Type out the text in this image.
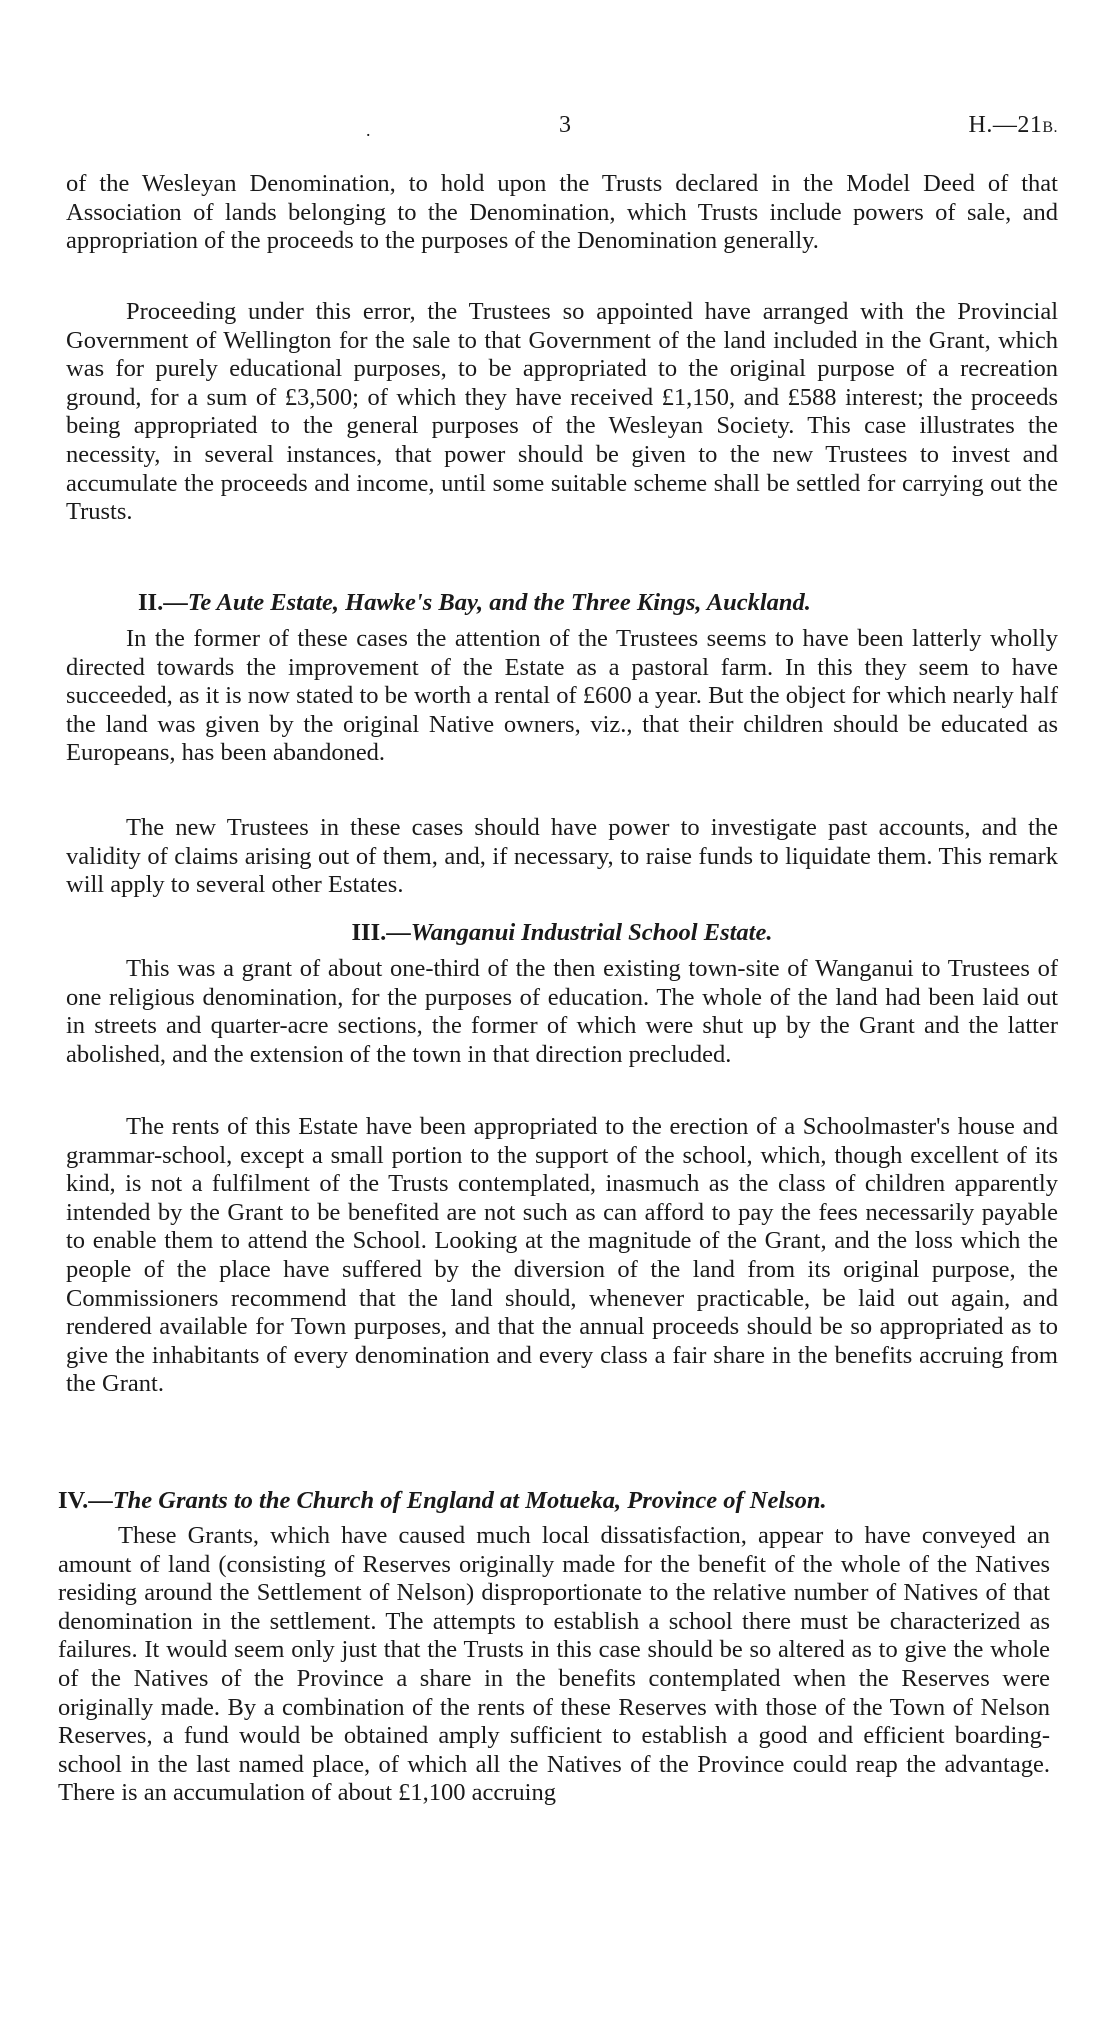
.	3	H.—21B.

of the Wesleyan Denomination, to hold upon the Trusts declared in the Model Deed of that Association of lands belonging to the Denomination, which Trusts include powers of sale, and appropriation of the proceeds to the purposes of the Denomination generally.

Proceeding under this error, the Trustees so appointed have arranged with the Provincial Government of Wellington for the sale to that Government of the land included in the Grant, which was for purely educational purposes, to be appropriated to the original purpose of a recreation ground, for a sum of £3,500; of which they have received £1,150, and £588 interest; the proceeds being appropriated to the general purposes of the Wesleyan Society. This case illustrates the necessity, in several instances, that power should be given to the new Trustees to invest and accumulate the proceeds and income, until some suitable scheme shall be settled for carrying out the Trusts.

II.—Te Aute Estate, Hawke's Bay, and the Three Kings, Auckland.

In the former of these cases the attention of the Trustees seems to have been latterly wholly directed towards the improvement of the Estate as a pastoral farm. In this they seem to have succeeded, as it is now stated to be worth a rental of £600 a year. But the object for which nearly half the land was given by the original Native owners, viz., that their children should be educated as Europeans, has been abandoned.

The new Trustees in these cases should have power to investigate past accounts, and the validity of claims arising out of them, and, if necessary, to raise funds to liquidate them. This remark will apply to several other Estates.

III.—Wanganui Industrial School Estate.

This was a grant of about one-third of the then existing town-site of Wanganui to Trustees of one religious denomination, for the purposes of education. The whole of the land had been laid out in streets and quarter-acre sections, the former of which were shut up by the Grant and the latter abolished, and the extension of the town in that direction precluded.

The rents of this Estate have been appropriated to the erection of a Schoolmaster's house and grammar-school, except a small portion to the support of the school, which, though excellent of its kind, is not a fulfilment of the Trusts contemplated, inasmuch as the class of children apparently intended by the Grant to be benefited are not such as can afford to pay the fees necessarily payable to enable them to attend the School. Looking at the magnitude of the Grant, and the loss which the people of the place have suffered by the diversion of the land from its original purpose, the Commissioners recommend that the land should, whenever practicable, be laid out again, and rendered available for Town purposes, and that the annual proceeds should be so appropriated as to give the inhabitants of every denomination and every class a fair share in the benefits accruing from the Grant.

IV.—The Grants to the Church of England at Motueka, Province of Nelson.

These Grants, which have caused much local dissatisfaction, appear to have conveyed an amount of land (consisting of Reserves originally made for the benefit of the whole of the Natives residing around the Settlement of Nelson) disproportionate to the relative number of Natives of that denomination in the settlement. The attempts to establish a school there must be characterized as failures. It would seem only just that the Trusts in this case should be so altered as to give the whole of the Natives of the Province a share in the benefits contemplated when the Reserves were originally made. By a combination of the rents of these Reserves with those of the Town of Nelson Reserves, a fund would be obtained amply sufficient to establish a good and efficient boarding-school in the last named place, of which all the Natives of the Province could reap the advantage. There is an accumulation of about £1,100 accruing
